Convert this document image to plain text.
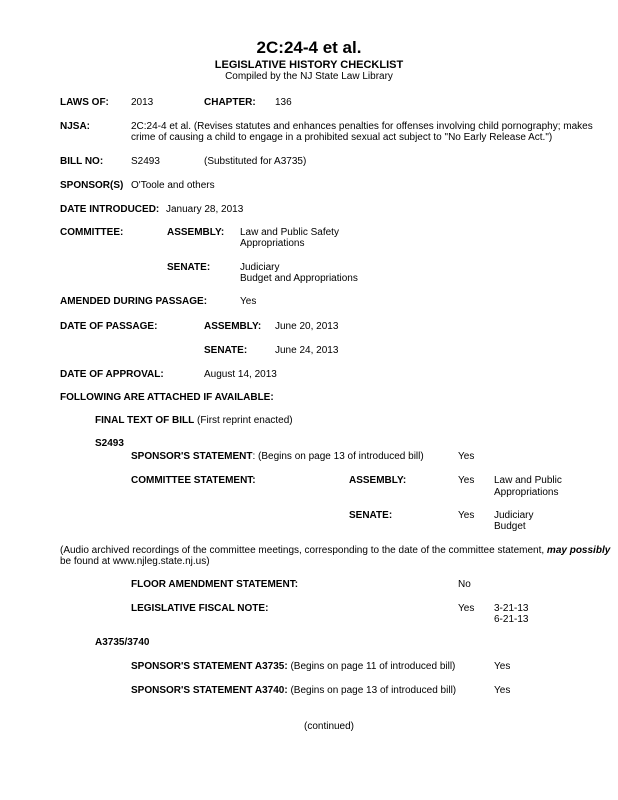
2C:24-4 et al.
LEGISLATIVE HISTORY CHECKLIST
Compiled by the NJ State Law Library
LAWS OF: 2013	CHAPTER: 136
NJSA:	2C:24-4 et al. (Revises statutes and enhances penalties for offenses involving child pornography; makes
crime of causing a child to engage in a prohibited sexual act subject to "No Early Release Act.")
BILL NO:	S2493	(Substituted for A3735)
SPONSOR(S) O'Toole and others
DATE INTRODUCED: January 28, 2013
COMMITTEE:	ASSEMBLY: Law and Public Safety
Appropriations
SENATE:	Judiciary
Budget and Appropriations
AMENDED DURING PASSAGE:	Yes
DATE OF PASSAGE:	ASSEMBLY: June 20, 2013
SENATE:	June 24, 2013
DATE OF APPROVAL:	August 14, 2013
FOLLOWING ARE ATTACHED IF AVAILABLE:
FINAL TEXT OF BILL (First reprint enacted)
S2493
SPONSOR'S STATEMENT: (Begins on page 13 of introduced bill)	Yes
COMMITTEE STATEMENT:	ASSEMBLY:	Yes Law and Public
Appropriations
SENATE:	Yes Judiciary
Budget
(Audio archived recordings of the committee meetings, corresponding to the date of the committee statement, may possibly
be found at www.njleg.state.nj.us)
FLOOR AMENDMENT STATEMENT:	No
LEGISLATIVE FISCAL NOTE:	Yes 3-21-13
6-21-13
A3735/3740
SPONSOR'S STATEMENT A3735: (Begins on page 11 of introduced bill)	Yes
SPONSOR'S STATEMENT A3740: (Begins on page 13 of introduced bill)	Yes
(continued)
